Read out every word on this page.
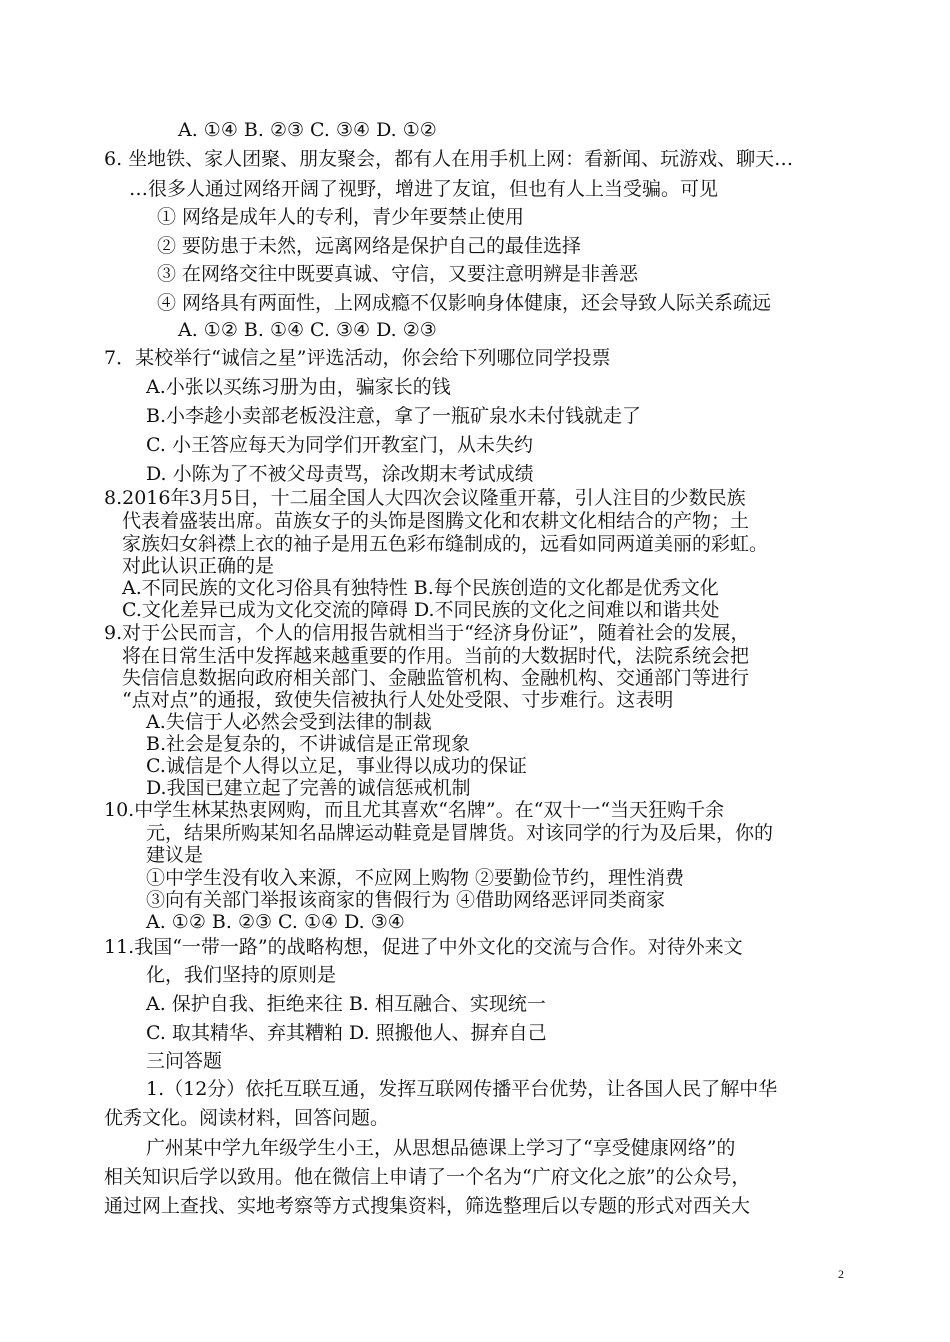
A. ①④ B. ②③ C. ③④ D. ①②
6. 坐地铁、家人团聚、朋友聚会，都有人在用手机上网：看新闻、玩游戏、聊天…
…很多人通过网络开阔了视野，增进了友谊，但也有人上当受骗。可见
① 网络是成年人的专利，青少年要禁止使用
② 要防患于未然，远离网络是保护自己的最佳选择
③ 在网络交往中既要真诚、守信，又要注意明辨是非善恶
④ 网络具有两面性，上网成瘾不仅影响身体健康，还会导致人际关系疏远
A. ①② B. ①④ C. ③④ D. ②③
7．某校举行“诚信之星”评选活动，你会给下列哪位同学投票
A.小张以买练习册为由，骗家长的钱
B.小李趁小卖部老板没注意，拿了一瓶矿泉水未付钱就走了
C. 小王答应每天为同学们开教室门，从未失约
D. 小陈为了不被父母责骂，涂改期末考试成绩
8.2016年3月5日，十二届全国人大四次会议隆重开幕，引人注目的少数民族
代表着盛装出席。苗族女子的头饰是图腾文化和农耕文化相结合的产物；土
家族妇女斜襟上衣的袖子是用五色彩布缝制成的，远看如同两道美丽的彩虹。
对此认识正确的是
A.不同民族的文化习俗具有独特性 B.每个民族创造的文化都是优秀文化
C.文化差异已成为文化交流的障碍 D.不同民族的文化之间难以和谐共处
9.对于公民而言，个人的信用报告就相当于“经济身份证”，随着社会的发展，
将在日常生活中发挥越来越重要的作用。当前的大数据时代，法院系统会把
失信信息数据向政府相关部门、金融监管机构、金融机构、交通部门等进行
“点对点”的通报，致使失信被执行人处处受限、寸步难行。这表明
A.失信于人必然会受到法律的制裁
B.社会是复杂的，不讲诚信是正常现象
C.诚信是个人得以立足，事业得以成功的保证
D.我国已建立起了完善的诚信惩戒机制
10.中学生林某热衷网购，而且尤其喜欢“名牌”。在“双十一“当天狂购千余
元，结果所购某知名品牌运动鞋竟是冒牌货。对该同学的行为及后果，你的
建议是
①中学生没有收入来源，不应网上购物 ②要勤俭节约，理性消费
③向有关部门举报该商家的售假行为 ④借助网络恶评同类商家
A. ①② B. ②③ C. ①④ D. ③④
11.我国“一带一路”的战略构想，促进了中外文化的交流与合作。对待外来文
化，我们坚持的原则是
A. 保护自我、拒绝来往 B. 相互融合、实现统一
C. 取其精华、弃其糟粕 D. 照搬他人、摒弃自己
三问答题
1.（12分）依托互联互通，发挥互联网传播平台优势，让各国人民了解中华
优秀文化。阅读材料，回答问题。
广州某中学九年级学生小王，从思想品德课上学习了“享受健康网络”的
相关知识后学以致用。他在微信上申请了一个名为“广府文化之旅”的公众号，
通过网上查找、实地考察等方式搜集资料，筛选整理后以专题的形式对西关大
2
